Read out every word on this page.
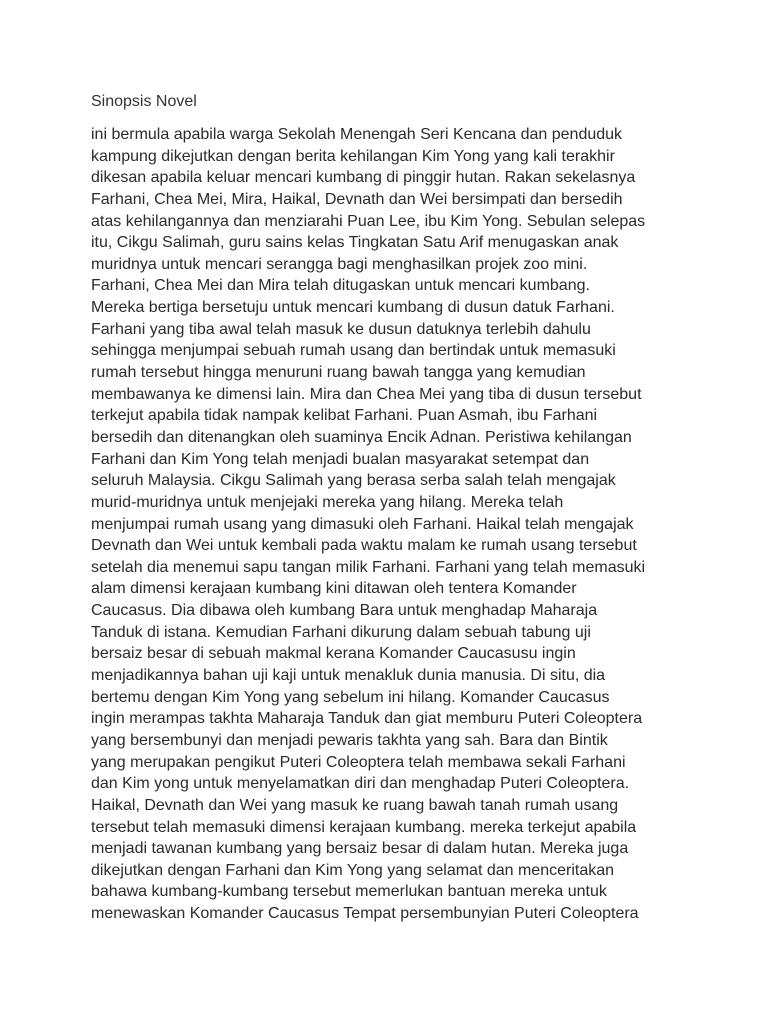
Sinopsis Novel
ini bermula apabila warga Sekolah Menengah Seri Kencana dan penduduk
kampung dikejutkan dengan berita kehilangan Kim Yong yang kali terakhir
dikesan apabila keluar mencari kumbang di pinggir hutan. Rakan sekelasnya
Farhani, Chea Mei, Mira, Haikal, Devnath dan Wei bersimpati dan bersedih
atas kehilangannya dan menziarahi Puan Lee, ibu Kim Yong. Sebulan selepas
itu, Cikgu Salimah, guru sains kelas Tingkatan Satu Arif menugaskan anak
muridnya untuk mencari serangga bagi menghasilkan projek zoo mini.
Farhani, Chea Mei dan Mira telah ditugaskan untuk mencari kumbang.
Mereka bertiga bersetuju untuk mencari kumbang di dusun datuk Farhani.
Farhani yang tiba awal telah masuk ke dusun datuknya terlebih dahulu
sehingga menjumpai sebuah rumah usang dan bertindak untuk memasuki
rumah tersebut hingga menuruni ruang bawah tangga yang kemudian
membawanya ke dimensi lain. Mira dan Chea Mei yang tiba di dusun tersebut
terkejut apabila tidak nampak kelibat Farhani. Puan Asmah, ibu Farhani
bersedih dan ditenangkan oleh suaminya Encik Adnan. Peristiwa kehilangan
Farhani dan Kim Yong telah menjadi bualan masyarakat setempat dan
seluruh Malaysia. Cikgu Salimah yang berasa serba salah telah mengajak
murid-muridnya untuk menjejaki mereka yang hilang. Mereka telah
menjumpai rumah usang yang dimasuki oleh Farhani. Haikal telah mengajak
Devnath dan Wei untuk kembali pada waktu malam ke rumah usang tersebut
setelah dia menemui sapu tangan milik Farhani. Farhani yang telah memasuki
alam dimensi kerajaan kumbang kini ditawan oleh tentera Komander
Caucasus. Dia dibawa oleh kumbang Bara untuk menghadap Maharaja
Tanduk di istana. Kemudian Farhani dikurung dalam sebuah tabung uji
bersaiz besar di sebuah makmal kerana Komander Caucasusu ingin
menjadikannya bahan uji kaji untuk menakluk dunia manusia. Di situ, dia
bertemu dengan Kim Yong yang sebelum ini hilang. Komander Caucasus
ingin merampas takhta Maharaja Tanduk dan giat memburu Puteri Coleoptera
yang bersembunyi dan menjadi pewaris takhta yang sah. Bara dan Bintik
yang merupakan pengikut Puteri Coleoptera telah membawa sekali Farhani
dan Kim yong untuk menyelamatkan diri dan menghadap Puteri Coleoptera.
Haikal, Devnath dan Wei yang masuk ke ruang bawah tanah rumah usang
tersebut telah memasuki dimensi kerajaan kumbang. mereka terkejut apabila
menjadi tawanan kumbang yang bersaiz besar di dalam hutan. Mereka juga
dikejutkan dengan Farhani dan Kim Yong yang selamat dan menceritakan
bahawa kumbang-kumbang tersebut memerlukan bantuan mereka untuk
menewaskan Komander Caucasus Tempat persembunyian Puteri Coleoptera
